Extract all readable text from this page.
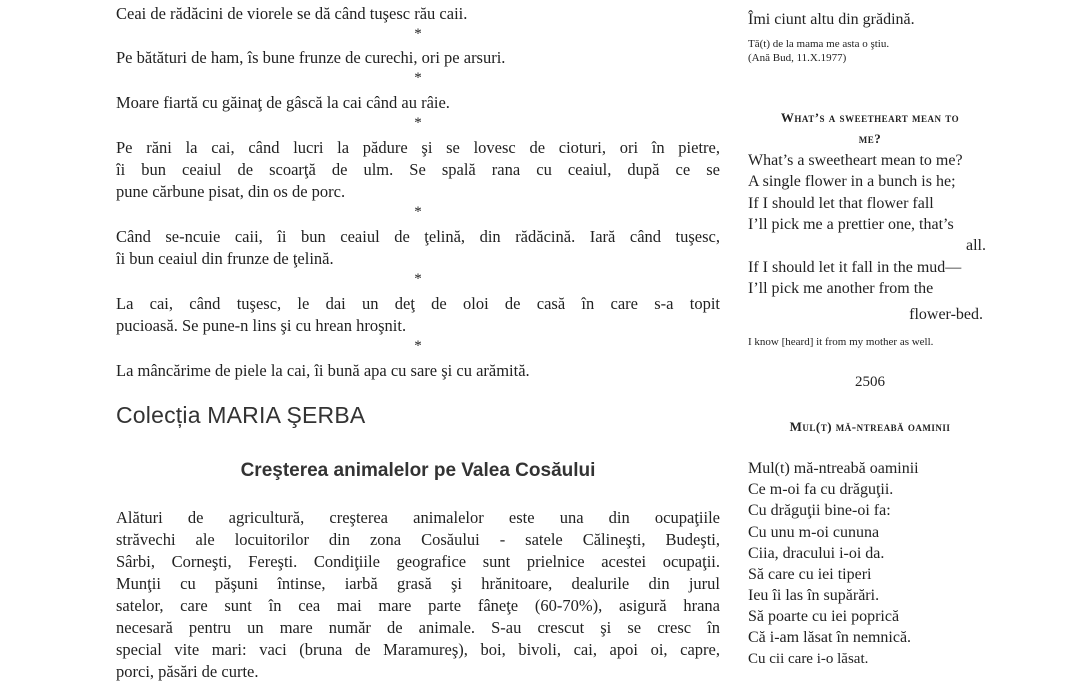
Ceai de rădăcini de viorele se dă când tuşesc rău caii.
*
Pe bătături de ham, îs bune frunze de curechi, ori pe arsuri.
*
Moare fiartă cu găinaţ de gâscă la cai când au râie.
*
Pe răni la cai, când lucri la pădure şi se lovesc de cioturi, ori în pietre,
îi bun ceaiul de scoarţă de ulm. Se spală rana cu ceaiul, după ce se
pune cărbune pisat, din os de porc.
*
Când se-ncuie caii, îi bun ceaiul de ţelină, din rădăcină. Iară când tuşesc,
îi bun ceaiul din frunze de ţelină.
*
La cai, când tuşesc, le dai un deţ de oloi de casă în care s-a topit
pucioasă. Se pune-n lins şi cu hrean hroşnit.
*
La mâncărime de piele la cai, îi bună apa cu sare şi cu arămită.
Colecția MARIA ŞERBA
Creşterea animalelor pe Valea Cosăului
Alături de agricultură, creşterea animalelor este una din ocupaţiile
străvechi ale locuitorilor din zona Cosăului - satele Călineşti, Budeşti,
Sârbi, Corneşti, Fereşti. Condiţiile geografice sunt prielnice acestei ocupaţii.
Munţii cu păşuni întinse, iarbă grasă şi hrănitoare, dealurile din jurul
satelor, care sunt în cea mai mare parte fâneţe (60-70%), asigură hrana
necesară pentru un mare număr de animale. S-au crescut şi se cresc în
special vite mari: vaci (bruna de Maramureş), boi, bivoli, cai, apoi oi, capre,
porci, păsări de curte.
Îmi ciunt altu din grădină.
Tă(t) de la mama me asta o ştiu.
(Ană Bud, 11.X.1977)
What’s a sweetheart mean to
me?
What’s a sweetheart mean to me?
A single flower in a bunch is he;
If I should let that flower fall
I’ll pick me a prettier one, that’s
all.
If I should let it fall in the mud—
I’ll pick me another from the
flower-bed.
I know [heard] it from my mother as well.
2506
Mul(t) mă-ntreabă oaminii
Mul(t) mă-ntreabă oaminii
Ce m-oi fa cu drăguţii.
Cu drăguţii bine-oi fa:
Cu unu m-oi cununa
Ciia, dracului i-oi da.
Să care cu iei tiperi
Ieu îi las în supărări.
Să poarte cu iei poprică
Că i-am lăsat în nemnică.
Cu cii care i-o lăsat.
